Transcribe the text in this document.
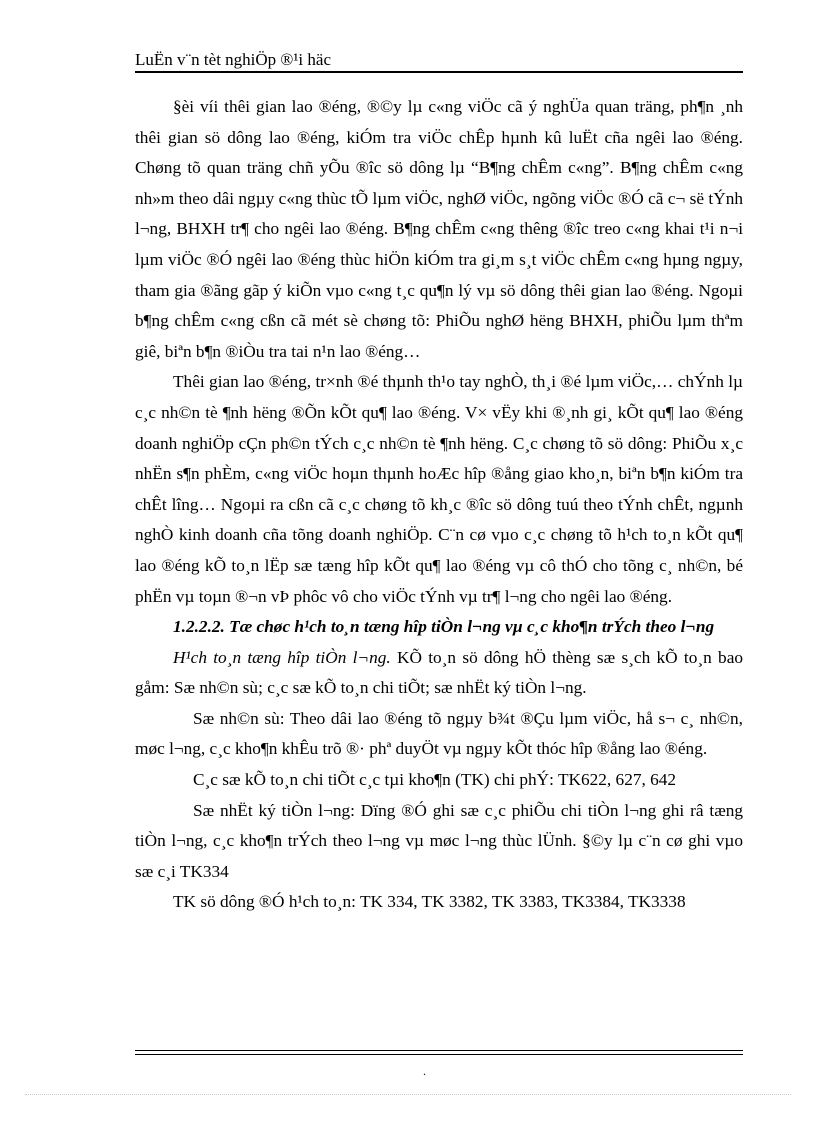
LuËn v¨n tèt nghiÖp ®¹i häc

§èi víi thêi gian lao ®éng, ®©y lµ c«ng viÖc cã ý nghÜa quan träng, ph¶n ¸nh thêi gian sö dông lao ®éng, kiÓm tra viÖc chÊp hµnh kû luËt cña ngêi lao ®éng. Chøng tõ quan träng chñ yÕu ®îc sö dông lµ “B¶ng chÊm c«ng”. B¶ng chÊm c«ng nh»m theo dâi ngµy c«ng thùc tÕ lµm viÖc, nghØ viÖc, ngõng viÖc ®Ó cã c¬ së tÝnh l¬ng, BHXH tr¶ cho ngêi lao ®éng. B¶ng chÊm c«ng thêng ®îc treo c«ng khai t¹i n¬i lµm viÖc ®Ó ngêi lao ®éng thùc hiÖn kiÓm tra gi¸m s¸t viÖc chÊm c«ng hµng ngµy, tham gia ®ãng gãp ý kiÕn vµo c«ng t¸c qu¶n lý vµ sö dông thêi gian lao ®éng. Ngoµi b¶ng chÊm c«ng cßn cã mét sè chøng tõ: PhiÕu nghØ hëng BHXH, phiÕu lµm thªm giê, biªn b¶n ®iÒu tra tai n¹n lao ®éng…

Thêi gian lao ®éng, tr×nh ®é thµnh th¹o tay nghÒ, th¸i ®é lµm viÖc,… chÝnh lµ c¸c nh©n tè ¶nh hëng ®Õn kÕt qu¶ lao ®éng. V× vËy khi ®¸nh gi¸ kÕt qu¶ lao ®éng doanh nghiÖp cÇn ph©n tÝch c¸c nh©n tè ¶nh hëng. C¸c chøng tõ sö dông: PhiÕu x¸c nhËn s¶n phÈm, c«ng viÖc hoµn thµnh hoÆc hîp ®ång giao kho¸n, biªn b¶n kiÓm tra chÊt lîng… Ngoµi ra cßn cã c¸c chøng tõ kh¸c ®îc sö dông tuú theo tÝnh chÊt, ngµnh nghÒ kinh doanh cña tõng doanh nghiÖp. C¨n cø vµo c¸c chøng tõ h¹ch to¸n kÕt qu¶ lao ®éng kÕ to¸n lËp sæ tæng hîp kÕt qu¶ lao ®éng vµ cô thÓ cho tõng c¸ nh©n, bé phËn vµ toµn ®¬n vÞ phôc vô cho viÖc tÝnh vµ tr¶ l¬ng cho ngêi lao ®éng.

1.2.2.2. Tæ chøc h¹ch to¸n tæng hîp tiÒn l¬ng vµ c¸c kho¶n trÝch theo l¬ng

H¹ch to¸n tæng hîp tiÒn l¬ng. KÕ to¸n sö dông hÖ thèng sæ s¸ch kÕ to¸n bao gåm: Sæ nh©n sù; c¸c sæ kÕ to¸n chi tiÕt; sæ nhËt ký tiÒn l¬ng.

Sæ nh©n sù: Theo dâi lao ®éng tõ ngµy b¾t ®Çu lµm viÖc, hå s¬ c¸ nh©n, møc l¬ng, c¸c kho¶n khÊu trõ ®· phª duyÖt vµ ngµy kÕt thóc hîp ®ång lao ®éng.

C¸c sæ kÕ to¸n chi tiÕt c¸c tµi kho¶n (TK) chi phÝ: TK622, 627, 642

Sæ nhËt ký tiÒn l¬ng: Dïng ®Ó ghi sæ c¸c phiÕu chi tiÒn l¬ng ghi râ tæng tiÒn l¬ng, c¸c kho¶n trÝch theo l¬ng vµ møc l¬ng thùc lÜnh. §©y lµ c¨n cø ghi vµo sæ c¸i TK334

TK sö dông ®Ó h¹ch to¸n: TK 334, TK 3382, TK 3383, TK3384, TK3338

.
